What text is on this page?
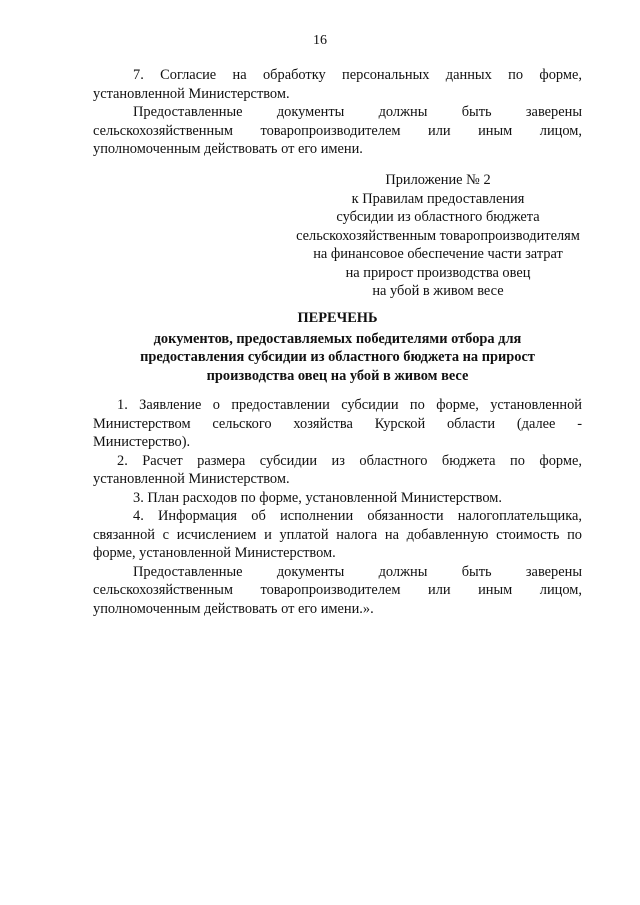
16
7. Согласие на обработку персональных данных по форме,
установленной Министерством.
Предоставленные документы должны быть заверены
сельскохозяйственным товаропроизводителем или иным лицом,
уполномоченным действовать от его имени.
Приложение № 2
к Правилам предоставления
субсидии из областного бюджета
сельскохозяйственным товаропроизводителям
на финансовое обеспечение части затрат
на прирост производства овец
на убой в живом весе
ПЕРЕЧЕНЬ
документов, предоставляемых победителями отбора для
предоставления субсидии из областного бюджета на прирост
производства овец на убой в живом весе
1. Заявление о предоставлении субсидии по форме, установленной
Министерством сельского хозяйства Курской области (далее -
Министерство).
2. Расчет размера субсидии из областного бюджета по форме,
установленной Министерством.
3. План расходов по форме, установленной Министерством.
4. Информация об исполнении обязанности налогоплательщика,
связанной с исчислением и уплатой налога на добавленную стоимость по
форме, установленной Министерством.
Предоставленные документы должны быть заверены
сельскохозяйственным товаропроизводителем или иным лицом,
уполномоченным действовать от его имени.».
